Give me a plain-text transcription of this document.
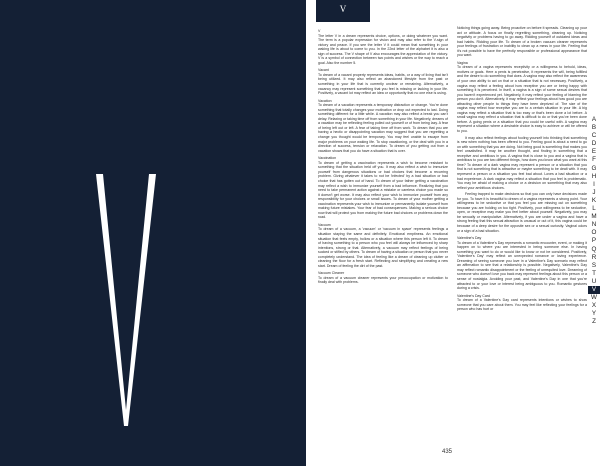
V

V

The letter V in a dream represents choice, options, or doing whatever you want. The term is a popular expression for vision and may also refer to the V-sign of victory and peace. If you see the letter V it could mean that something in your waking life is about to come to you. In the 22nd letter of the alphabet it is also a sign of success. The V shape of V also encourages the appreciation of the victory. V is a symbol of connection between two points and wishes or the way to reach a goal. Also the number 5.

Vacant

To dream of a vacant property represents ideas, habits, or a way of living that isn't being utilized. It may also reflect an abandoned lifestyle from the past or something in your life that is currently unclear or remaining. Alternatively, a vacancy may represent something that you feel is missing or lacking in your life. Positively, a vacant lot may reflect an idea or opportunity that no one else is using.

Vacation

To dream of a vacation represents a temporary distraction or change. You're done something that totally changes your motivation or drop out expected to last. Doing something different for a little while. A vacation may also reflect a break you can't delay. Relaxing or taking time off from something in your life. Negatively, dreams of a vacation may be reflecting feeling pulled out yourself or of from being lazy. A fear of being left out or left. A fear of taking time off from work. To dream that you are having a hectic or disappointing vacation may suggest that you are regretting a change you thought would be temporary. You may feel unable to escape from major problems on your waking life. To stop vacationing, or the deal with you in a direction of success, tension or relaxation. To dream of you getting out from a vacation shows that you do have a situation that is over.

Vaccination

To dream of getting a vaccination represents a wish to become resistant to something that the situation held off you. It may also reflect a wish to immunize yourself from dangerous situations or bad choices that become a recurring problem. Giving whatever it takes to not be 'infected' by a bad situation or bad choice that has gotten out of hand. To dream of your father getting a vaccination may reflect a wish to immunize yourself from a bad influence. Realizing that you need to take permanent action against a mistake or careless choice you made so it doesn't get worse. It may also reflect your wish to immunize yourself from any responsibility for your choices or small issues. To dream of your mother getting a vaccination represents your wish to immunize or permanently isolate yourself from making future mistakes. Your fear of bad consequences. Making a serious choice now that will protect you from making the future bad choices or problems down the road.

Vacuum

To dream of a vacuum, a 'vacuum' or 'vacuum in space' represents feelings a situation staying the same and definitely. Emotional emptiness. An emotional situation that feels empty, hollow or a situation where this person left it. To dream of having something to a person who you feel will always be influenced by sharp intentions, strong or that. Alternatively, a vacuum may reflect feelings of being sucked or stifled by others. To dream of having a situation or person that you never completely understand. The idea of feeling like a dream of cleaning up clutter or cleaning the floor for a fresh start. Reflecting and simplifying and creating a new start. Dream of feeling the dirt of the past.

Vacuum Cleaner

To dream of a vacuum cleaner represents your preoccupation or motivation to finally deal with problems.

Noticing things going away. Being proactive on before it spreads. Cleaning up your act or attitude. A focus on finally regretting something, cleaning up. Noticing negativity or problems having to go away. Ridding yourself of outdated ideas and bad habits. Ridding your life. To dream of a broken vacuum cleaner represents your feelings of frustration or inability to clean up a mess in your life. Feeling that it's not possible to have the perfectly responsible or professional appearance that you want.

Vagina

To dream of a vagina represents receptivity or a willingness to behold, ideas, motives or goals. Here a penis is penetrative, it represents the will, being fulfilled and the desire to do something that does. A vagina may also reflect the awareness of your own ability to act on that or a situation that is not necessary. Positively, a vagina may reflect a feeling about how receptive you are or being happy with something it is perceived. In itself, a vagina is a sign of some sexual desires that you haven't experienced yet. Negatively, it may reflect your feeling of blaming the person you don't. Alternatively, it may reflect your feelings about how good you are attracting other people to things they have been deprived of. The size of the vagina may reflect how receptive you are to a certain situation in your life. A big vagina may reflect a situation that is too easy or that's been done a lot before. A small vagina may reflect a situation that is difficult to do or that you've been done before. A going penis or a situation that you could be useful with. A vagina may represent a situation where a desirable choice is easy to achieve or will be offered to you.

It may also reflect feelings about fooling yourself into thinking that something is new when nothing has been offered to you. Feeling good is about a need to go on with something that you are doing. Not being good is something that makes you feel unsatisfied. It may be another thought, and finding in something that a receptive and ambitious in you. A vagina that is close to you and a vagina that is ambitious to you are two different things, how does you know what you want at this time? To dream of a dark vagina may represent a person or a situation that you find is not something that is attractive or maybe something to be dealt with. It may represent a person or a situation you feel bad about. Loves a bad situation or a bad experience. A dark vagina may reflect a situation that you feel is problematic. You may be afraid of making a choice or a decision on something that may also reflect your ambitious choices.

Feeling trapped to make decisions so that you can only have decisions made for you. To have it is beautiful to dream of a vagina represents a strong point. Your willingness to be seductive or that you feel you are missing out on something because you are holding on too tight. Positively, your willingness to be seductive, open, or receptive may make you feel better about yourself. Negatively, you may be sexually or manipulative. Alternatively, if you are under a vagina and have a strong feeling that this sexual attraction is unusual or out of it, this vagina could be because of a deep desire for the opposite sex or a sexual curiosity. Vaginal odors or a sign of a bad situation.

Valentine's Day

To dream of a Valentine's Day represents a romantic encounter, event, or making it happen on to where you are interested in being someone else. In having something you want to do or would like to know or not be considered. Positively, 'Valentine's Day' may reflect an unexpected romance or loving experience. Dreaming of seeing someone you love in a Valentine's Day scenario may reflect an affirmation to see that a relationship is possible. Negatively, Valentine's Day may reflect romantic disappointment or the feeling of unrequited love. Dreaming of someone who doesn't love you back may represent feelings about this person or a sense of nostalgia. Avoiding your past, and Valentine's Day in one that you're attracted to or your love or interest being ambiguous to you. Romantic gestures during a crisis.

Valentine's Day Card

To dream of a Valentine's Day card represents intentions or wishes to show someone that you care about them. You may feel like reflecting your feelings for a person who has hurt or

435
A
B
C
D
E
F
G
H
I
J
K
L
M
N
O
P
Q
R
S
T
U
V
W
X
Y
Z
